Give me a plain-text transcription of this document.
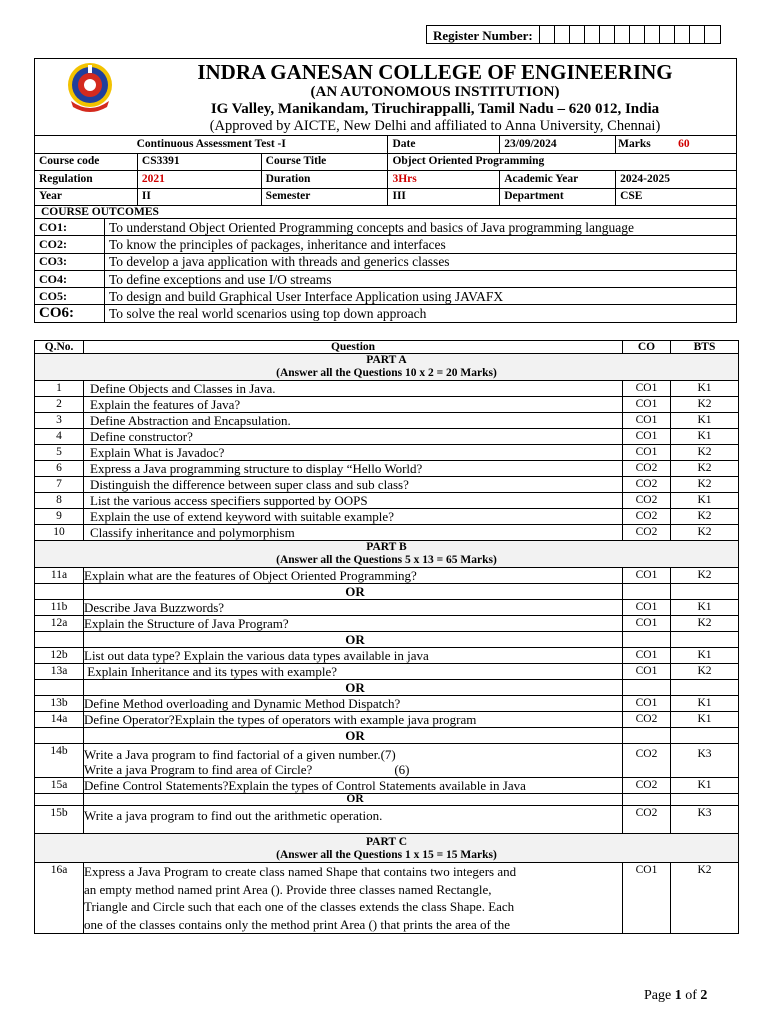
Register Number:
INDRA GANESAN COLLEGE OF ENGINEERING
(AN AUTONOMOUS INSTITUTION)
IG Valley, Manikandam, Tiruchirappalli, Tamil Nadu – 620 012, India
(Approved by AICTE, New Delhi and affiliated to Anna University, Chennai)
Continuous Assessment Test -I			Date	23/09/2024	Marks 60
Course code	CS3391	Course Title	Object Oriented Programming		
Regulation	2021	Duration	3Hrs	Academic Year	2024-2025
Year	II	Semester	III	Department	CSE
COURSE OUTCOMES
CO1:	To understand Object Oriented Programming concepts and basics of Java programming language
CO2:	To know the principles of packages, inheritance and interfaces
CO3:	To develop a java application with threads and generics classes
CO4:	To define exceptions and use I/O streams
CO5:	To design and build Graphical User Interface Application using JAVAFX
CO6:	To solve the real world scenarios using top down approach
Q.No.	Question	CO	BTS

PART A
(Answer all the Questions 10 x 2 = 20 Marks)			

1	Define Objects and Classes in Java.	CO1	K1
2	Explain the features of Java?	CO1	K2
3	Define Abstraction and Encapsulation.	CO1	K1
4	Define constructor?	CO1	K1
5	Explain What is Javadoc?	CO1	K2
6	Express a Java programming structure to display “Hello World?	CO2	K2
7	Distinguish the difference between super class and sub class?	CO2	K2
8	List the various access specifiers supported by OOPS	CO2	K1
9	Explain the use of extend keyword with suitable example?	CO2	K2
10	Classify inheritance and polymorphism	CO2	K2

PART B
(Answer all the Questions 5 x 13 = 65 Marks)			

11a	Explain what are the features of Object Oriented Programming?	CO1	K2
	OR		
11b	Describe Java Buzzwords?	CO1	K1
12a	Explain the Structure of Java Program?	CO1	K2
	OR		
12b	List out data type? Explain the various data types available in java	CO1	K1
13a	Explain Inheritance and its types with example?	CO1	K2
	OR		
13b	Define Method overloading and Dynamic Method Dispatch?	CO1	K1
14a	Define Operator?Explain the types of operators with example java program	CO2	K1
	OR		
14b	Write a Java program to find factorial of a given number.(7)
Write a java Program to find area of Circle? (6)	CO2	K3
15a	Define Control Statements?Explain the types of Control Statements available in Java	CO2	K1
	OR		
15b	Write a java program to find out the arithmetic operation.	CO2	K3

PART C
(Answer all the Questions 1 x 15 = 15 Marks)			

16a	Express a Java Program to create class named Shape that contains two integers and
an empty method named print Area (). Provide three classes named Rectangle,
Triangle and Circle such that each one of the classes extends the class Shape. Each
one of the classes contains only the method print Area () that prints the area of the	CO1	K2
Page 1 of 2
